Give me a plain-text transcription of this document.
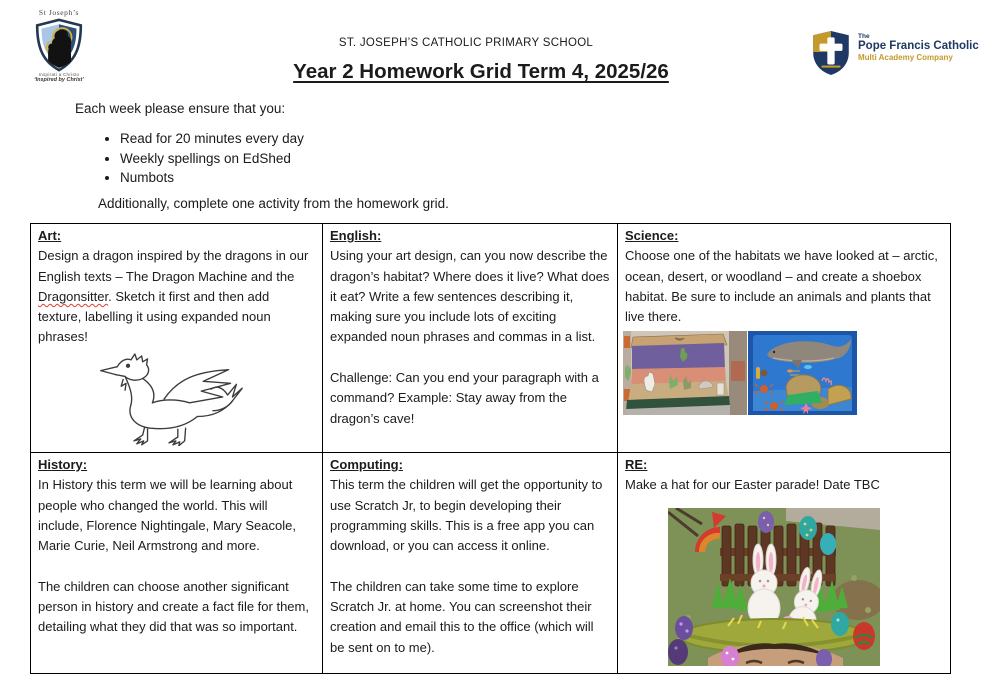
St Joseph’s
Inspirati a Christo
‘Inspired by Christ’
ST. JOSEPH’S CATHOLIC PRIMARY SCHOOL
Year 2 Homework Grid Term 4, 2025/26
The
Pope Francis Catholic
Multi Academy Company
Each week please ensure that you:
• Read for 20 minutes every day
• Weekly spellings on EdShed
• Numbots
Additionally, complete one activity from the homework grid.
Art:

Design a dragon inspired by the dragons in our English texts – The Dragon Machine and the Dragonsitter. Sketch it first and then add texture, labelling it using expanded noun phrases!

	English:

Using your art design, can you now describe the dragon’s habitat? Where does it live? What does it eat? Write a few sentences describing it, making sure you include lots of exciting expanded noun phrases and commas in a list.

Challenge: Can you end your paragraph with a command? Example: Stay away from the dragon’s cave!

	Science:

Choose one of the habitats we have looked at – arctic, ocean, desert, or woodland – and create a shoebox habitat. Be sure to include an animals and plants that live there.

History:

In History this term we will be learning about people who changed the world. This will include, Florence Nightingale, Mary Seacole, Marie Curie, Neil Armstrong and more.

The children can choose another significant person in history and create a fact file for them, detailing what they did that was so important.

	Computing:

This term the children will get the opportunity to use Scratch Jr, to begin developing their programming skills. This is a free app you can download, or you can access it online.

The children can take some time to explore Scratch Jr. at home. You can screenshot their creation and email this to the office (which will be sent on to me).

	RE:

Make a hat for our Easter parade! Date TBC
